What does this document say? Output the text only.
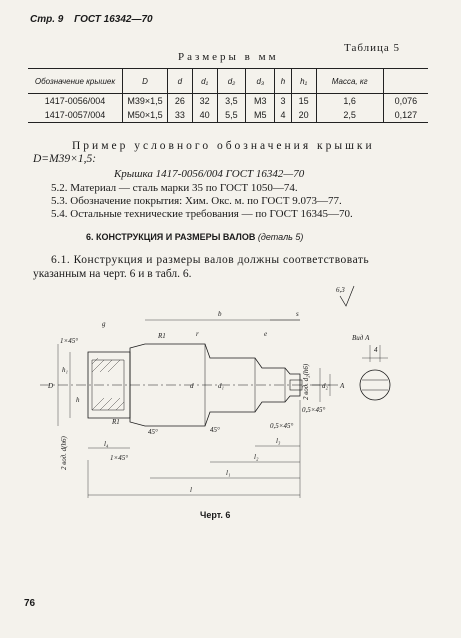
Стр. 9 ГОСТ 16342—70
Размеры в мм
Таблица 5
Обозначение крышек	D	d	d₁	d₂	d₃	h	h₁	Масса, кг	
1417-0056/004	M39×1,5	26	32	3,5	M3	3	15	1,6	0,076
1417-0057/004	M50×1,5	33	40	5,5	M5	4	20	2,5	0,127
Пример условного обозначения крышки
D=M39×1,5:
Крышка 1417-0056/004 ГОСТ 16342—70
5.2. Материал — сталь марки 35 по ГОСТ 1050—74.
5.3. Обозначение покрытия: Хим. Окс. м. по ГОСТ 9.073—77.
5.4. Остальные технические требования — по ГОСТ 16345—70.
6. КОНСТРУКЦИЯ И РАЗМЕРЫ ВАЛОВ (деталь 5)
6.1. Конструкция и размеры валов должны соответствовать
указанным на черт. 6 и в табл. 6.
Вид А
4
А
6,3
1×45°
1×45°
0,5×45°
0,5×45°
45°	45°
R1
R1
r
b
e
d	d₁	d₂
D
l
l₁
l₂
l₃
l₄
s
h
h₁
g
2 вод. d₂(h6)
2 вод. d(h6)
Черт. 6
76
